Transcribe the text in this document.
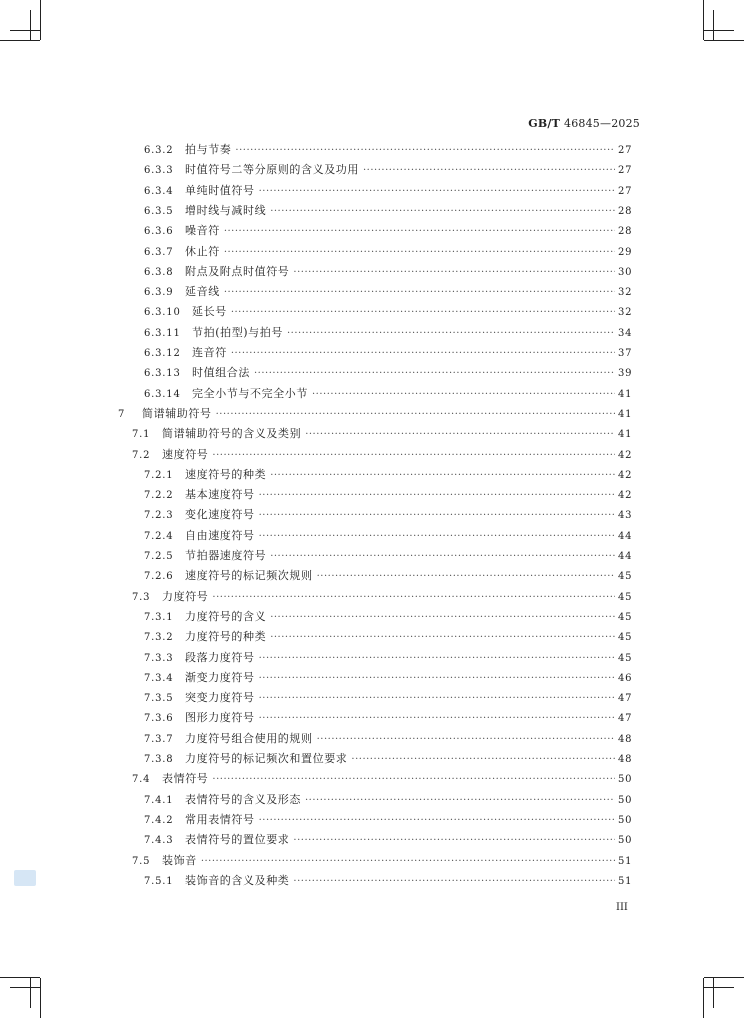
GB/T 46845—2025
6.3.2	拍与节奏 ·····	27
6.3.3	时值符号二等分原则的含义及功用 ·····	27
6.3.4	单纯时值符号 ·····	27
6.3.5	增时线与减时线 ·····	28
6.3.6	噪音符 ·····	28
6.3.7	休止符 ·····	29
6.3.8	附点及附点时值符号 ·····	30
6.3.9	延音线 ·····	32
6.3.10	延长号 ·····	32
6.3.11	节拍(拍型)与拍号 ·····	34
6.3.12	连音符 ·····	37
6.3.13	时值组合法 ·····	39
6.3.14	完全小节与不完全小节 ·····	41
7	简谱辅助符号 ·····	41
7.1	简谱辅助符号的含义及类别 ·····	41
7.2	速度符号 ·····	42
7.2.1	速度符号的种类 ·····	42
7.2.2	基本速度符号 ·····	42
7.2.3	变化速度符号 ·····	43
7.2.4	自由速度符号 ·····	44
7.2.5	节拍器速度符号 ·····	44
7.2.6	速度符号的标记频次规则 ·····	45
7.3	力度符号 ·····	45
7.3.1	力度符号的含义 ·····	45
7.3.2	力度符号的种类 ·····	45
7.3.3	段落力度符号 ·····	45
7.3.4	渐变力度符号 ·····	46
7.3.5	突变力度符号 ·····	47
7.3.6	图形力度符号 ·····	47
7.3.7	力度符号组合使用的规则 ·····	48
7.3.8	力度符号的标记频次和置位要求 ·····	48
7.4	表情符号 ·····	50
7.4.1	表情符号的含义及形态 ·····	50
7.4.2	常用表情符号 ·····	50
7.4.3	表情符号的置位要求 ·····	50
7.5	装饰音 ·····	51
7.5.1	装饰音的含义及种类 ·····	51
III
